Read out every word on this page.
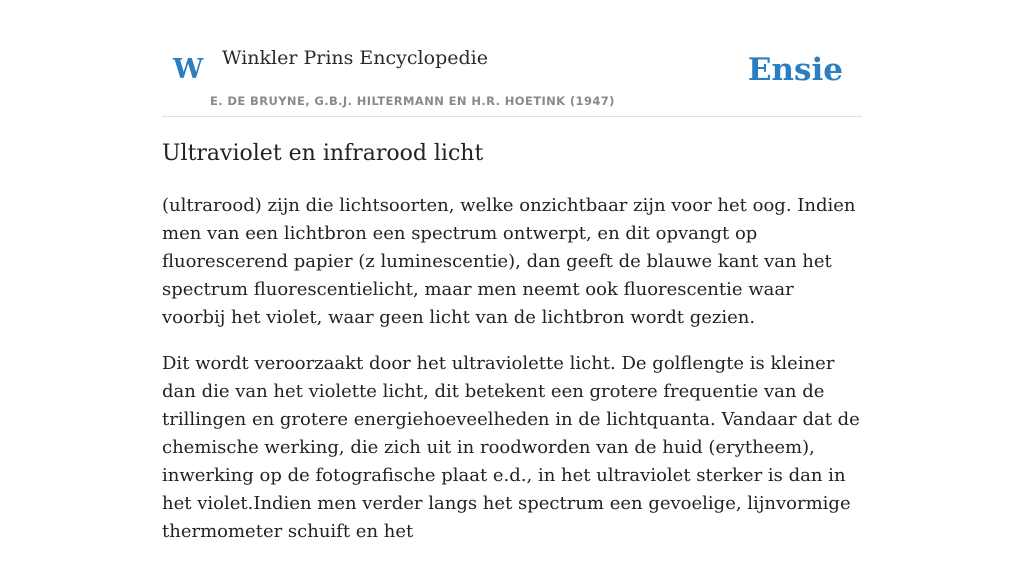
W Winkler Prins Encyclopedie
E. DE BRUYNE, G.B.J. HILTERMANN EN H.R. HOETINK (1947)
Ensie
Ultraviolet en infrarood licht

(ultrarood) zijn die lichtsoorten, welke onzichtbaar zijn voor het oog. Indien men van een lichtbron een spectrum ontwerpt, en dit opvangt op fluorescerend papier (z luminescentie), dan geeft de blauwe kant van het spectrum fluorescentielicht, maar men neemt ook fluorescentie waar voorbij het violet, waar geen licht van de lichtbron wordt gezien.

Dit wordt veroorzaakt door het ultraviolette licht. De golflengte is kleiner dan die van het violette licht, dit betekent een grotere frequentie van de trillingen en grotere energiehoeveelheden in de lichtquanta. Vandaar dat de chemische werking, die zich uit in roodworden van de huid (erytheem), inwerking op de fotografische plaat e.d., in het ultraviolet sterker is dan in het violet.Indien men verder langs het spectrum een gevoelige, lijnvormige thermometer schuift en het
